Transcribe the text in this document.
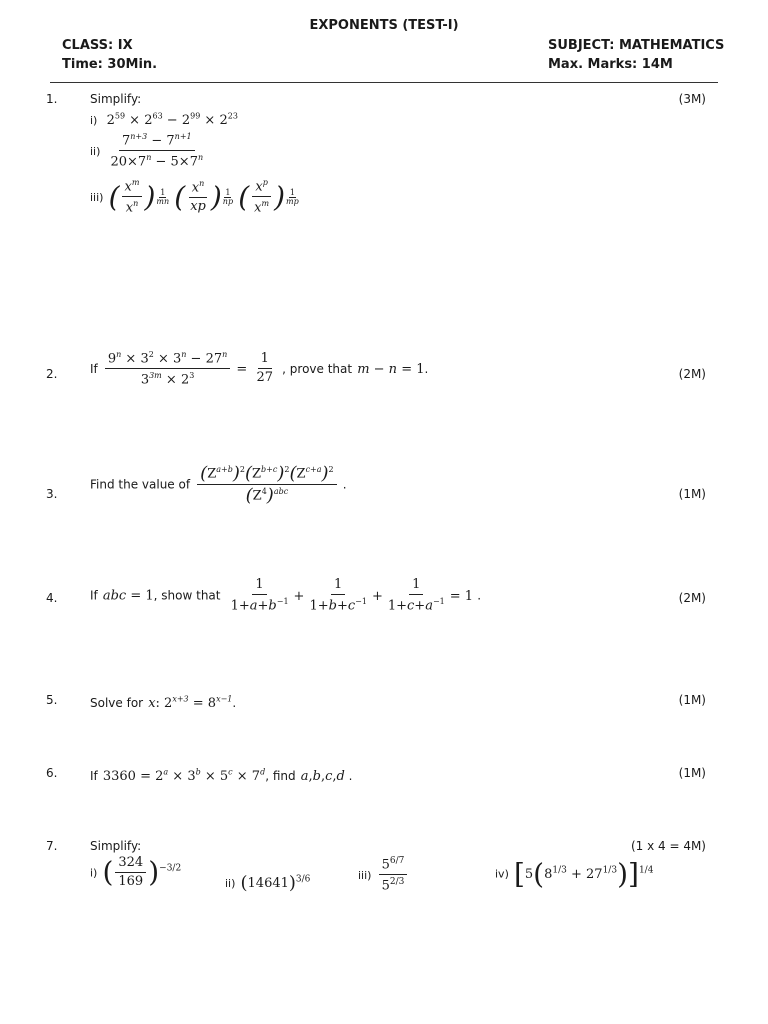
EXPONENTS (TEST-I)
CLASS: IX
Time: 30Min.
SUBJECT: MATHEMATICS
Max. Marks: 14M
1.	Simplify:	(3M)
i)  $2^{59} \times 2^{63} - 2^{99} \times 2^{23}$
$ii) \frac{7^{n+3} - 7^{n+1}}{20\times 7^n - 5\times 7^n}$
iii) ( $\frac{x^m}{x^n}$ ) $\frac{1}{mn}$ ( $\frac{x^n}{xp}$ ) $\frac{1}{np}$ ( $\frac{x^p}{x^m}$ ) $\frac{1}{mp}$
2.	If $\frac{9^n \times 3^2 \times 3^n - 27^n}{3^{3m} \times 2^3} = \frac{1}{27}$ , prove that m − n = 1.	(2M)
3.
Find the value of $\frac{(Z^{a+b})^2(Z^{b+c})^2(Z^{c+a})^2}{(Z^4)^{abc}}$ .
(1M)
4.	If abc = 1, show that $\frac{1}{1+a+b^{-1}} + \frac{1}{1+b+c^{-1}} + \frac{1}{1+c+a^{-1}} = 1$ .	(2M)
5.	Solve for x: $2^{x+3} = 8^{x-1}$.	(1M)
6.	If $3360 = 2^a \times 3^b \times 5^c \times 7^d$, find a,b,c,d .	(1M)
7.	Simplify:	(1 x 4 = 4M)
i) ( $\frac{324}{169} )^{-3/2}$
ii) $(14641)^{3/6}$	$iii) \frac{5^{6/7}}{5^{2/3}}$	iv) $[5(8^{1/3} + 27^{1/3})]^{1/4}$
